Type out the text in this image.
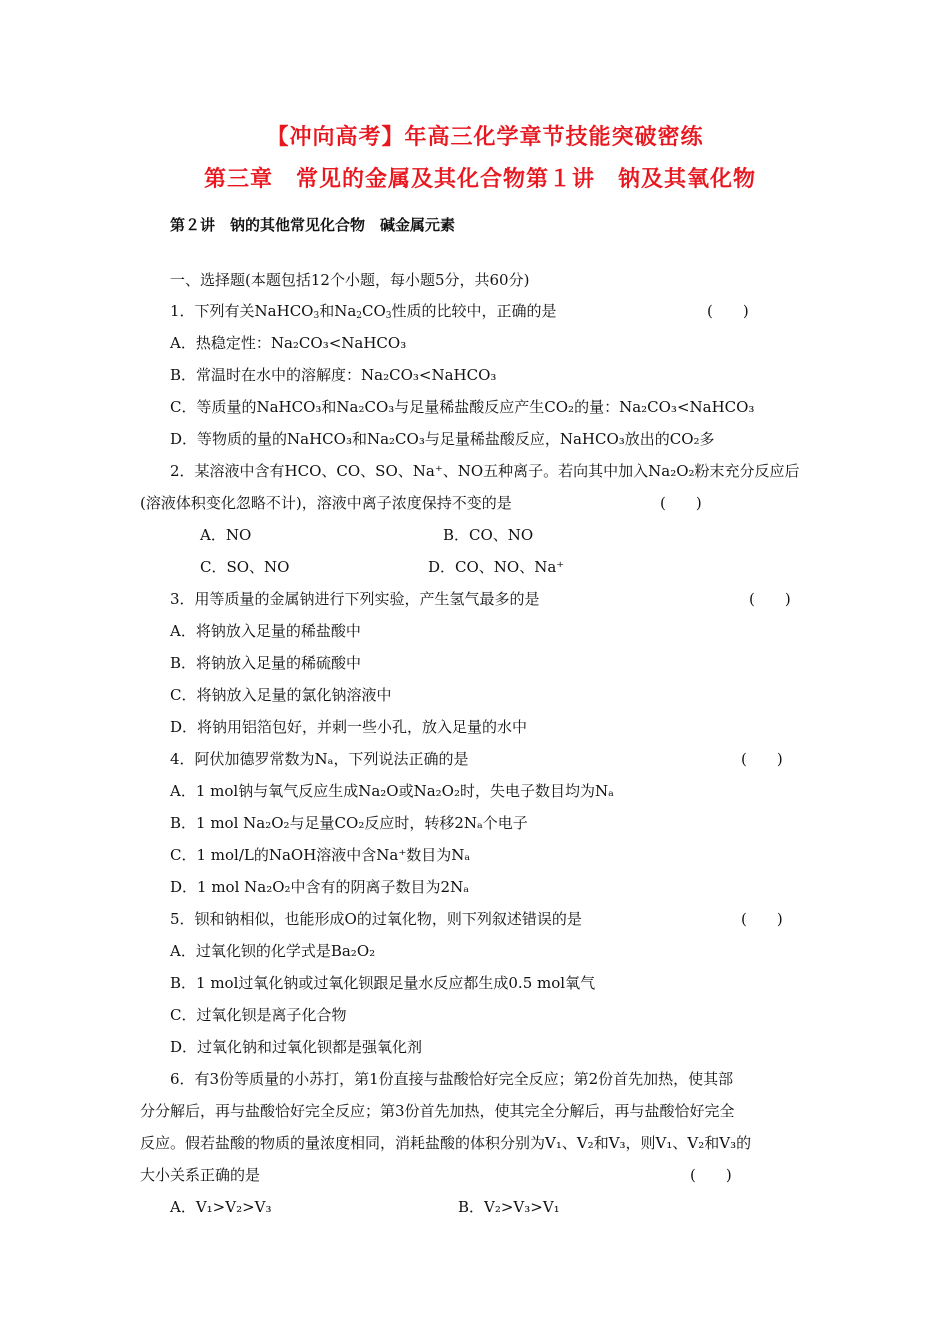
【冲向高考】年高三化学章节技能突破密练
第三章　常见的金属及其化合物第１讲　钠及其氧化物
第２讲　钠的其他常见化合物　碱金属元素
一、选择题(本题包括12个小题，每小题5分，共60分)
1．下列有关NaHCO$_3$和$Na_2CO_3$性质的比较中，正确的是	(　　)
A．热稳定性：Na₂CO₃<NaHCO₃
B．常温时在水中的溶解度：Na₂CO₃<NaHCO₃
C．等质量的NaHCO₃和Na₂CO₃与足量稀盐酸反应产生CO₂的量：Na₂CO₃<NaHCO₃
D．等物质的量的NaHCO₃和Na₂CO₃与足量稀盐酸反应，NaHCO₃放出的CO₂多
2．某溶液中含有HCO、CO、SO、Na⁺、NO五种离子。若向其中加入Na₂O₂粉末充分反应后
(溶液体积变化忽略不计)，溶液中离子浓度保持不变的是	(　　)
A．NO	B．CO、NO
C．SO、NO	D．CO、NO、Na⁺
3．用等质量的金属钠进行下列实验，产生氢气最多的是	(　　)
A．将钠放入足量的稀盐酸中
B．将钠放入足量的稀硫酸中
C．将钠放入足量的氯化钠溶液中
D．将钠用铝箔包好，并刺一些小孔，放入足量的水中
4．阿伏加德罗常数为Nₐ，下列说法正确的是	(　　)
A．1 mol钠与氧气反应生成Na₂O或Na₂O₂时，失电子数目均为Nₐ
B．1 mol Na₂O₂与足量CO₂反应时，转移2Nₐ个电子
C．1 mol/L的NaOH溶液中含Na⁺数目为Nₐ
D．1 mol Na₂O₂中含有的阴离子数目为2Nₐ
5．钡和钠相似，也能形成O的过氧化物，则下列叙述错误的是	(　　)
A．过氧化钡的化学式是Ba₂O₂
B．1 mol过氧化钠或过氧化钡跟足量水反应都生成0.5 mol氧气
C．过氧化钡是离子化合物
D．过氧化钠和过氧化钡都是强氧化剂
6．有3份等质量的小苏打，第1份直接与盐酸恰好完全反应；第2份首先加热，使其部
分分解后，再与盐酸恰好完全反应；第3份首先加热，使其完全分解后，再与盐酸恰好完全
反应。假若盐酸的物质的量浓度相同，消耗盐酸的体积分别为V₁、V₂和V₃，则V₁、V₂和V₃的
大小关系正确的是	(　　)
A．V₁>V₂>V₃	B．V₂>V₃>V₁
